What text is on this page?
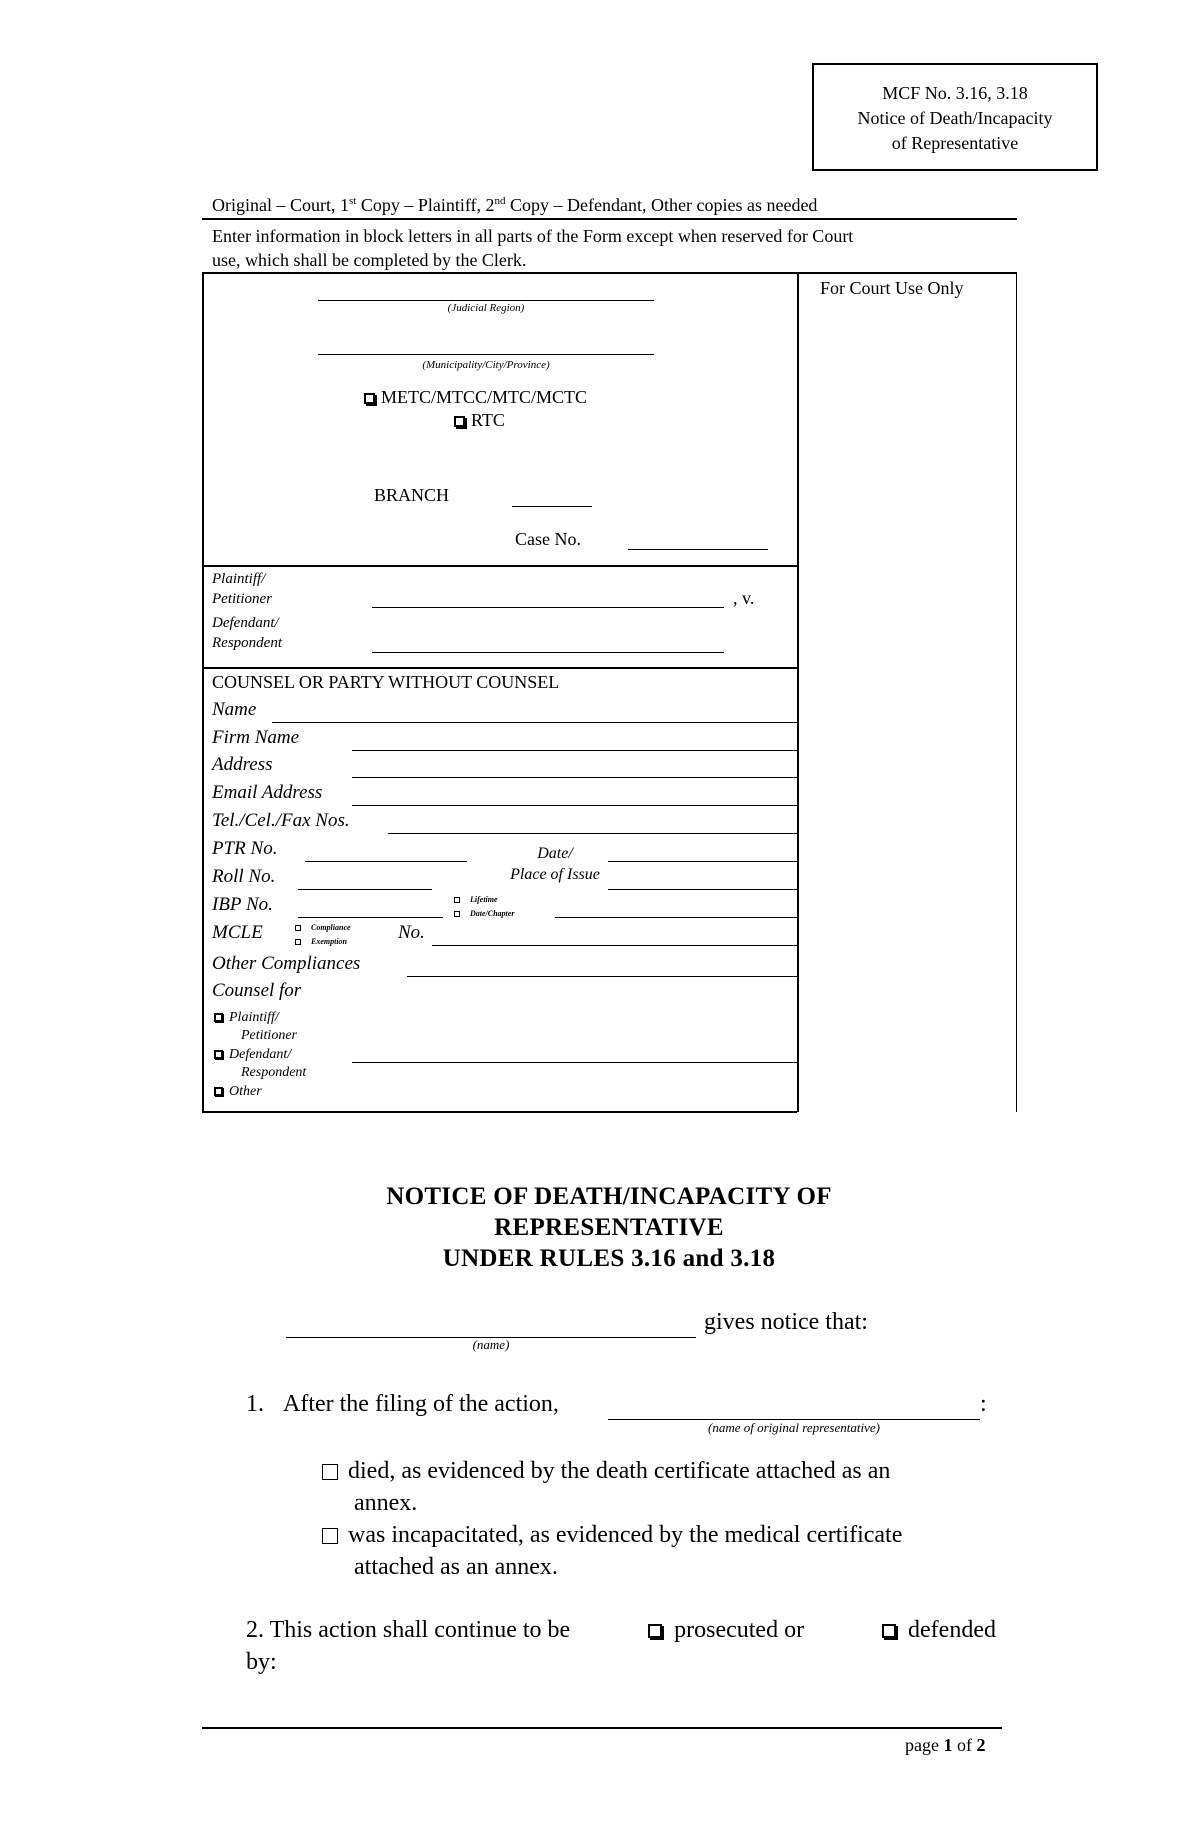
MCF No. 3.16, 3.18
Notice of Death/Incapacity
of Representative
Original – Court, 1st Copy – Plaintiff, 2nd Copy – Defendant, Other copies as needed
Enter information in block letters in all parts of the Form except when reserved for Court
use, which shall be completed by the Clerk.
For Court Use Only
(Judicial Region)
(Municipality/City/Province)
METC/MTCC/MTC/MCTC
RTC
BRANCH
Case No.
Plaintiff/
Petitioner	, v.
Defendant/
Respondent
COUNSEL OR PARTY WITHOUT COUNSEL
Name
Firm Name
Address
Email Address
Tel./Cel./Fax Nos.
PTR No.	Date/
Place of Issue
Roll No.
IBP No.	Lifetime
Date/Chapter
MCLE	Compliance
Exemption	No.
Other Compliances
Counsel for
Plaintiff/
Petitioner
Defendant/
Respondent
Other
NOTICE OF DEATH/INCAPACITY OF
REPRESENTATIVE
UNDER RULES 3.16 and 3.18
(name)
gives notice that:
1. After the filing of the action,
(name of original representative)
:
died, as evidenced by the death certificate attached as an
annex.
was incapacitated, as evidenced by the medical certificate
attached as an annex.
2. This action shall continue to be	prosecuted or	defended
by:
page 1 of 2
